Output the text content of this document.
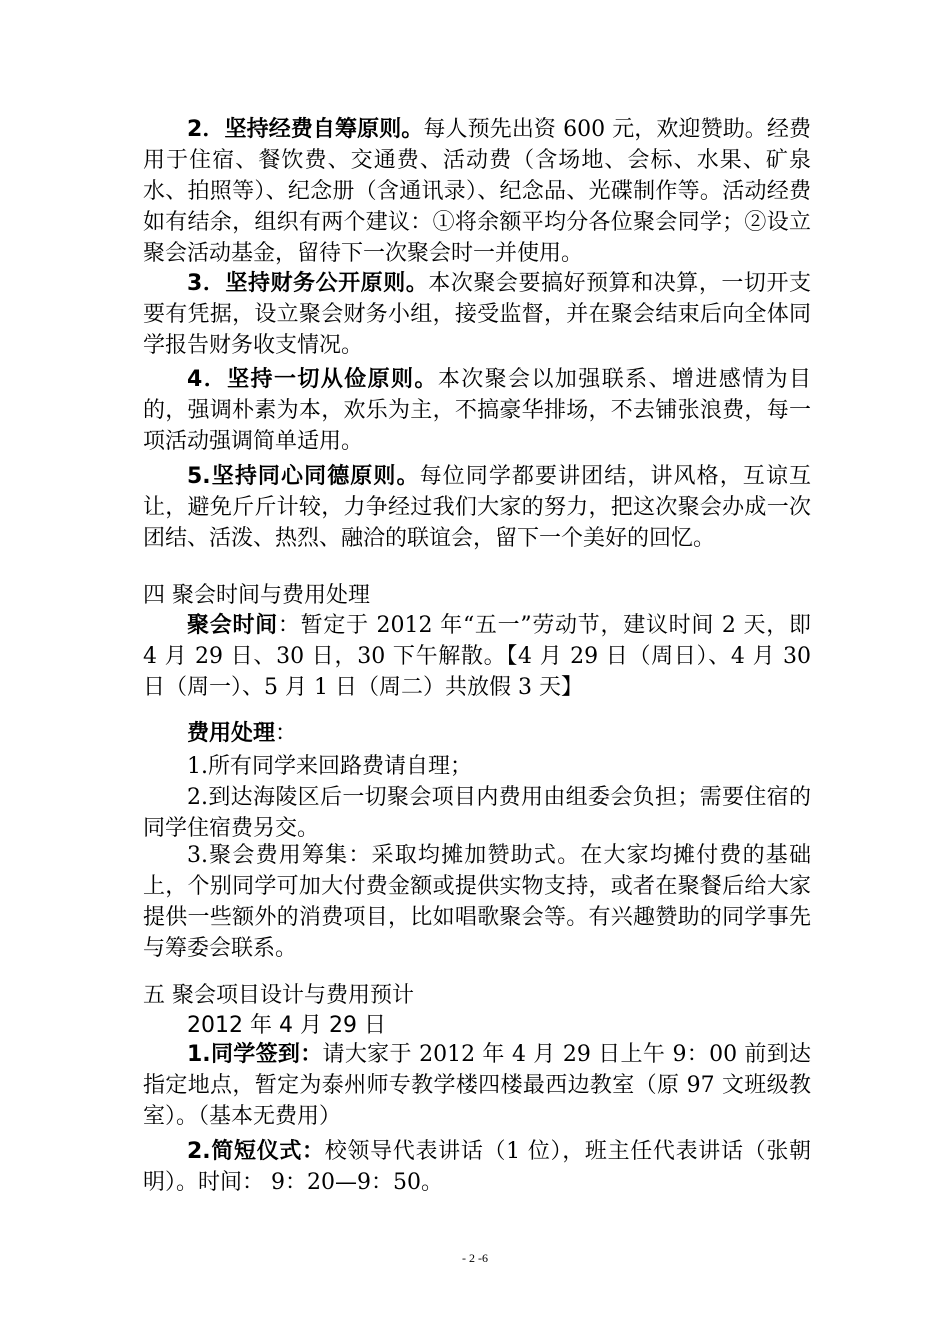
2．坚持经费自筹原则。每人预先出资 600 元，欢迎赞助。经费用于住宿、餐饮费、交通费、活动费（含场地、会标、水果、矿泉水、拍照等）、纪念册（含通讯录）、纪念品、光碟制作等。活动经费如有结余，组织有两个建议：①将余额平均分各位聚会同学；②设立聚会活动基金，留待下一次聚会时一并使用。
3．坚持财务公开原则。本次聚会要搞好预算和决算，一切开支要有凭据，设立聚会财务小组，接受监督，并在聚会结束后向全体同学报告财务收支情况。
4．坚持一切从俭原则。本次聚会以加强联系、增进感情为目的，强调朴素为本，欢乐为主，不搞豪华排场，不去铺张浪费，每一项活动强调简单适用。
5.坚持同心同德原则。每位同学都要讲团结，讲风格，互谅互让，避免斤斤计较，力争经过我们大家的努力，把这次聚会办成一次团结、活泼、热烈、融洽的联谊会，留下一个美好的回忆。
四 聚会时间与费用处理
聚会时间：暂定于 2012 年“五一”劳动节，建议时间 2 天，即 4 月 29 日、30 日，30 下午解散。【4 月 29 日（周日）、4 月 30 日（周一）、5 月 1 日（周二）共放假 3 天】
费用处理：
1.所有同学来回路费请自理；
2.到达海陵区后一切聚会项目内费用由组委会负担；需要住宿的同学住宿费另交。
3.聚会费用筹集：采取均摊加赞助式。在大家均摊付费的基础上，个别同学可加大付费金额或提供实物支持，或者在聚餐后给大家提供一些额外的消费项目，比如唱歌聚会等。有兴趣赞助的同学事先与筹委会联系。
五 聚会项目设计与费用预计
2012 年 4 月 29 日
1.同学签到：请大家于 2012 年 4 月 29 日上午 9：00 前到达指定地点，暂定为泰州师专教学楼四楼最西边教室（原 97 文班级教室）。（基本无费用）
2.简短仪式：校领导代表讲话（1 位），班主任代表讲话（张朝明）。时间： 9：20—9：50。
- 2 -6
